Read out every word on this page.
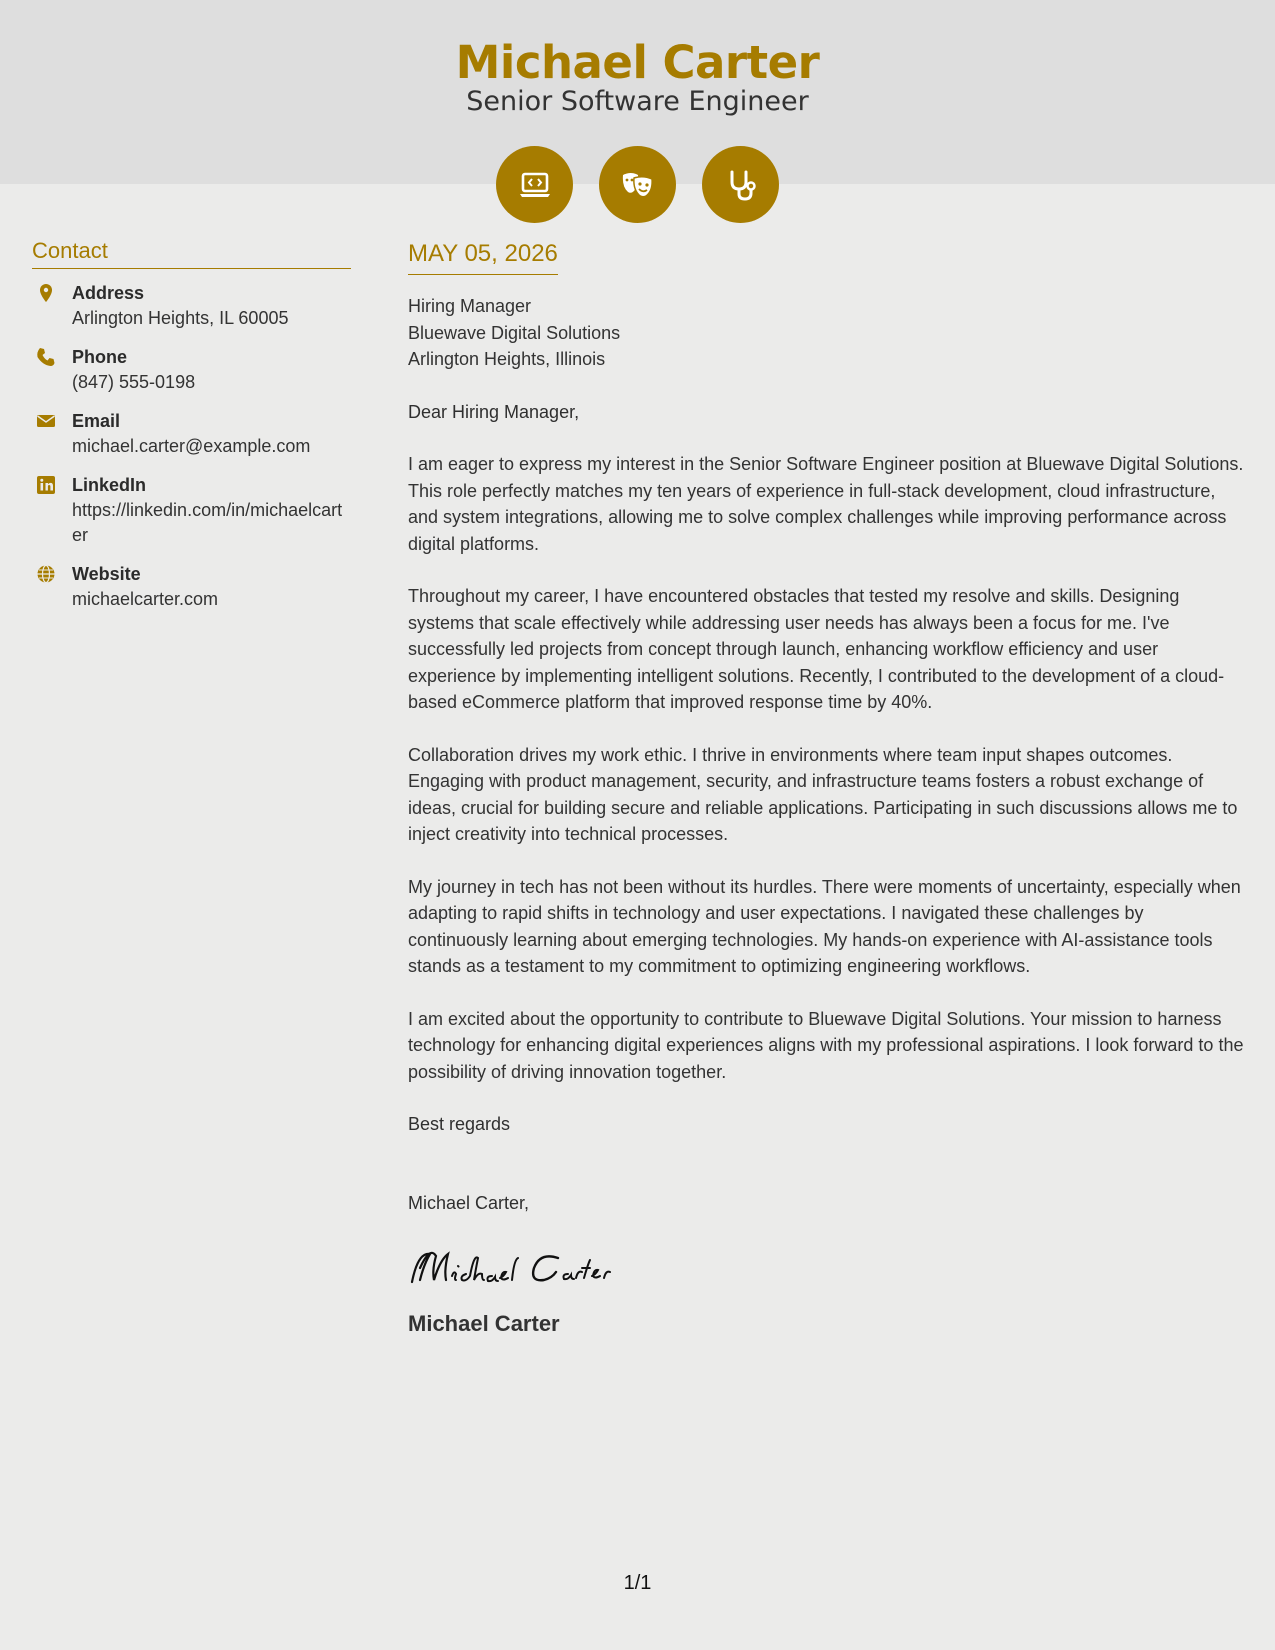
Michael Carter
Senior Software Engineer
Contact
Address
Arlington Heights, IL 60005
Phone
(847) 555-0198
Email
michael.carter@example.com
LinkedIn
https://linkedin.com/in/michaelcarter
Website
michaelcarter.com
MAY 05, 2026
Hiring Manager
Bluewave Digital Solutions
Arlington Heights, Illinois
Dear Hiring Manager,

I am eager to express my interest in the Senior Software Engineer position at Bluewave Digital Solutions. This role perfectly matches my ten years of experience in full-stack development, cloud infrastructure, and system integrations, allowing me to solve complex challenges while improving performance across digital platforms.

Throughout my career, I have encountered obstacles that tested my resolve and skills. Designing systems that scale effectively while addressing user needs has always been a focus for me. I've successfully led projects from concept through launch, enhancing workflow efficiency and user experience by implementing intelligent solutions. Recently, I contributed to the development of a cloud-based eCommerce platform that improved response time by 40%.

Collaboration drives my work ethic. I thrive in environments where team input shapes outcomes. Engaging with product management, security, and infrastructure teams fosters a robust exchange of ideas, crucial for building secure and reliable applications. Participating in such discussions allows me to inject creativity into technical processes.

My journey in tech has not been without its hurdles. There were moments of uncertainty, especially when adapting to rapid shifts in technology and user expectations. I navigated these challenges by continuously learning about emerging technologies. My hands-on experience with AI-assistance tools stands as a testament to my commitment to optimizing engineering workflows.

I am excited about the opportunity to contribute to Bluewave Digital Solutions. Your mission to harness technology for enhancing digital experiences aligns with my professional aspirations. I look forward to the possibility of driving innovation together.

Best regards
Michael Carter,
Michael Carter
1/1
